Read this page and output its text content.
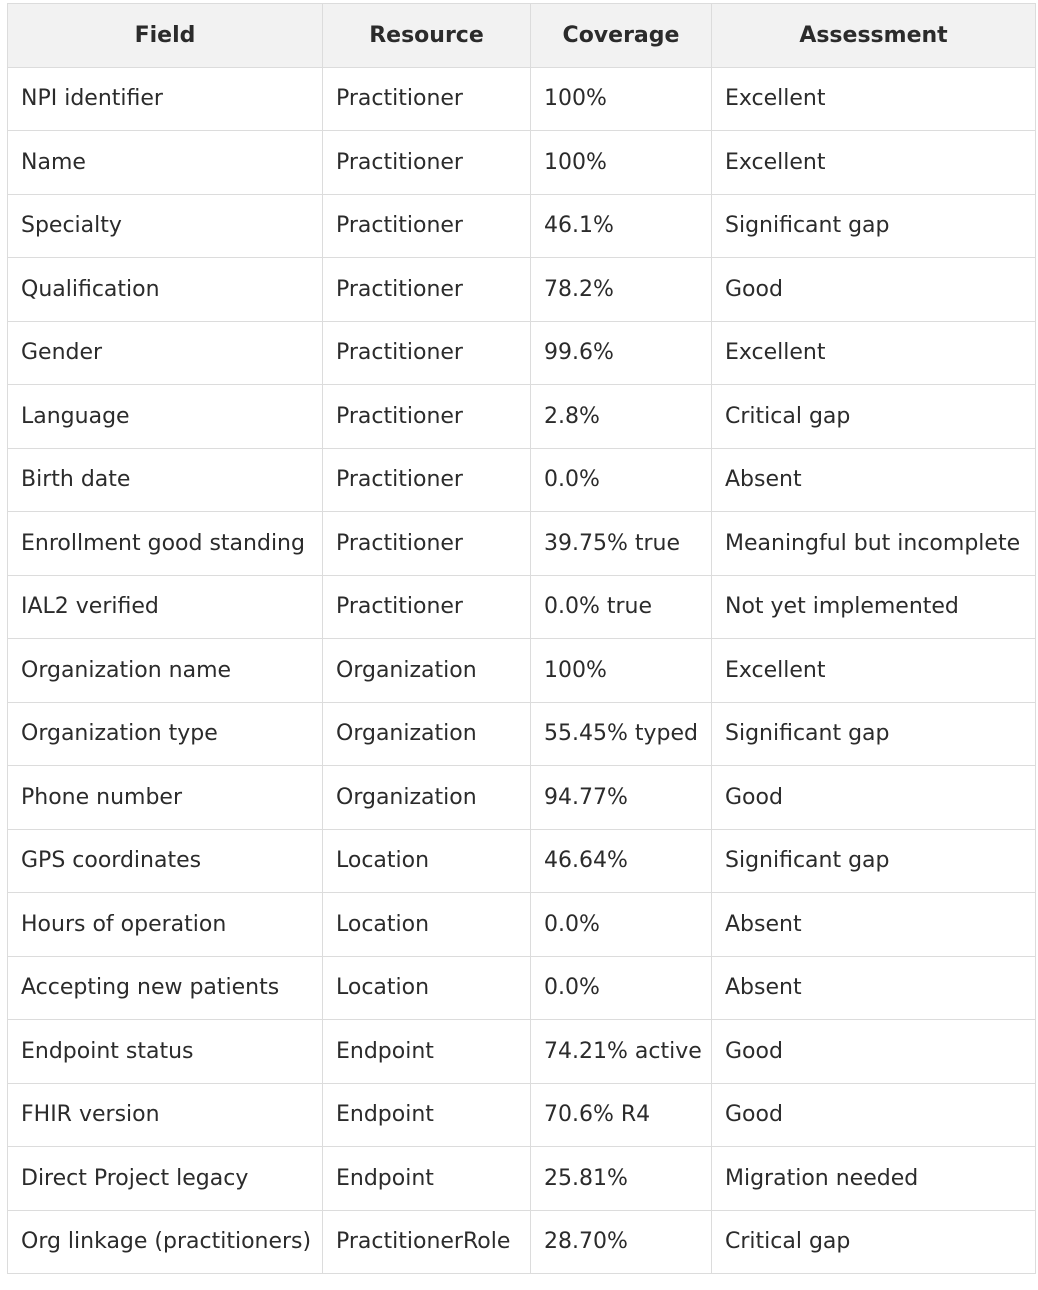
Field	Resource	Coverage	Assessment
NPI identifier	Practitioner	100%	Excellent
Name	Practitioner	100%	Excellent
Specialty	Practitioner	46.1%	Significant gap
Qualification	Practitioner	78.2%	Good
Gender	Practitioner	99.6%	Excellent
Language	Practitioner	2.8%	Critical gap
Birth date	Practitioner	0.0%	Absent
Enrollment good standing	Practitioner	39.75% true	Meaningful but incomplete
IAL2 verified	Practitioner	0.0% true	Not yet implemented
Organization name	Organization	100%	Excellent
Organization type	Organization	55.45% typed	Significant gap
Phone number	Organization	94.77%	Good
GPS coordinates	Location	46.64%	Significant gap
Hours of operation	Location	0.0%	Absent
Accepting new patients	Location	0.0%	Absent
Endpoint status	Endpoint	74.21% active	Good
FHIR version	Endpoint	70.6% R4	Good
Direct Project legacy	Endpoint	25.81%	Migration needed
Org linkage (practitioners)	PractitionerRole	28.70%	Critical gap
